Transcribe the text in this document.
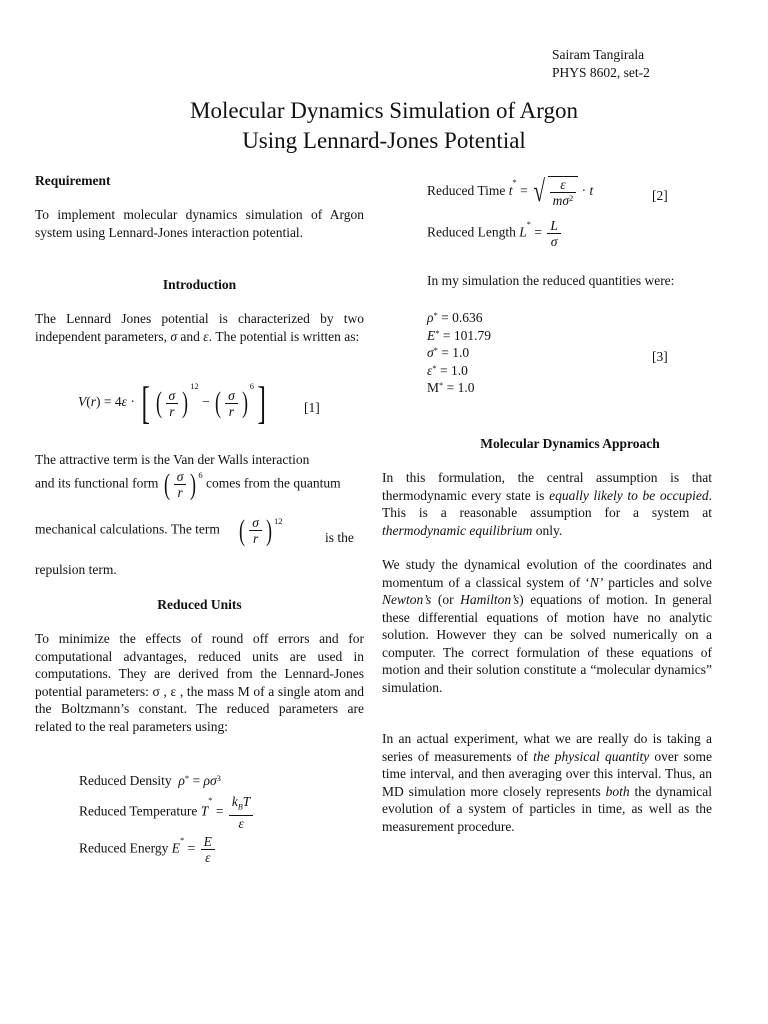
Sairam Tangirala
PHYS 8602, set-2
Molecular Dynamics Simulation of Argon
Using Lennard-Jones Potential
Requirement
To implement molecular dynamics simulation of Argon system using Lennard-Jones interaction potential.
Introduction
The Lennard Jones potential is characterized by two independent parameters, σ and ε. The potential is written as:
V(r) = 4ε · [ ( $\frac{\sigma}{r}$ ) $^{12}$ − ( $\frac{\sigma}{r}$ ) $^6$]	[1]
The attractive term is the Van der Walls interaction
and its functional form ( $\frac{\sigma}{r}$ ) $^6$ comes from the quantum
mechanical calculations. The term ( $\frac{\sigma}{r}$ ) $^{12}$
is the
repulsion term.
Reduced Units
To minimize the effects of round off errors and for computational advantages, reduced units are used in computations. They are derived from the Lennard-Jones potential parameters: σ , ε , the mass M of a single atom and the Boltzmann’s constant. The reduced parameters are related to the real parameters using:
Reduced Density $\rho^* = \rho\sigma^3$
Reduced Temperature $T^* = \frac{k_BT}{\varepsilon}$
Reduced Energy $E^* = \frac{E}{\varepsilon}$
Reduced Time t* = √ $\frac{\varepsilon}{m\sigma^2} \cdot t$	[2]
Reduced Length $L^* = \frac{L}{\sigma}$
In my simulation the reduced quantities were:
ρ* = 0.636
E* = 101.79
σ* = 1.0
ε* = 1.0
M* = 1.0
[3]
Molecular Dynamics Approach
In this formulation, the central assumption is that thermodynamic every state is equally likely to be occupied. This is a reasonable assumption for a system at thermodynamic equilibrium only.
We study the dynamical evolution of the coordinates and momentum of a classical system of ‘N’ particles and solve Newton’s (or Hamilton’s) equations of motion. In general these differential equations of motion have no analytic solution. However they can be solved numerically on a computer. The correct formulation of these equations of motion and their solution constitute a “molecular dynamics” simulation.
In an actual experiment, what we are really do is taking a series of measurements of the physical quantity over some time interval, and then averaging over this interval. Thus, an MD simulation more closely represents both the dynamical evolution of a system of particles in time, as well as the measurement procedure.
